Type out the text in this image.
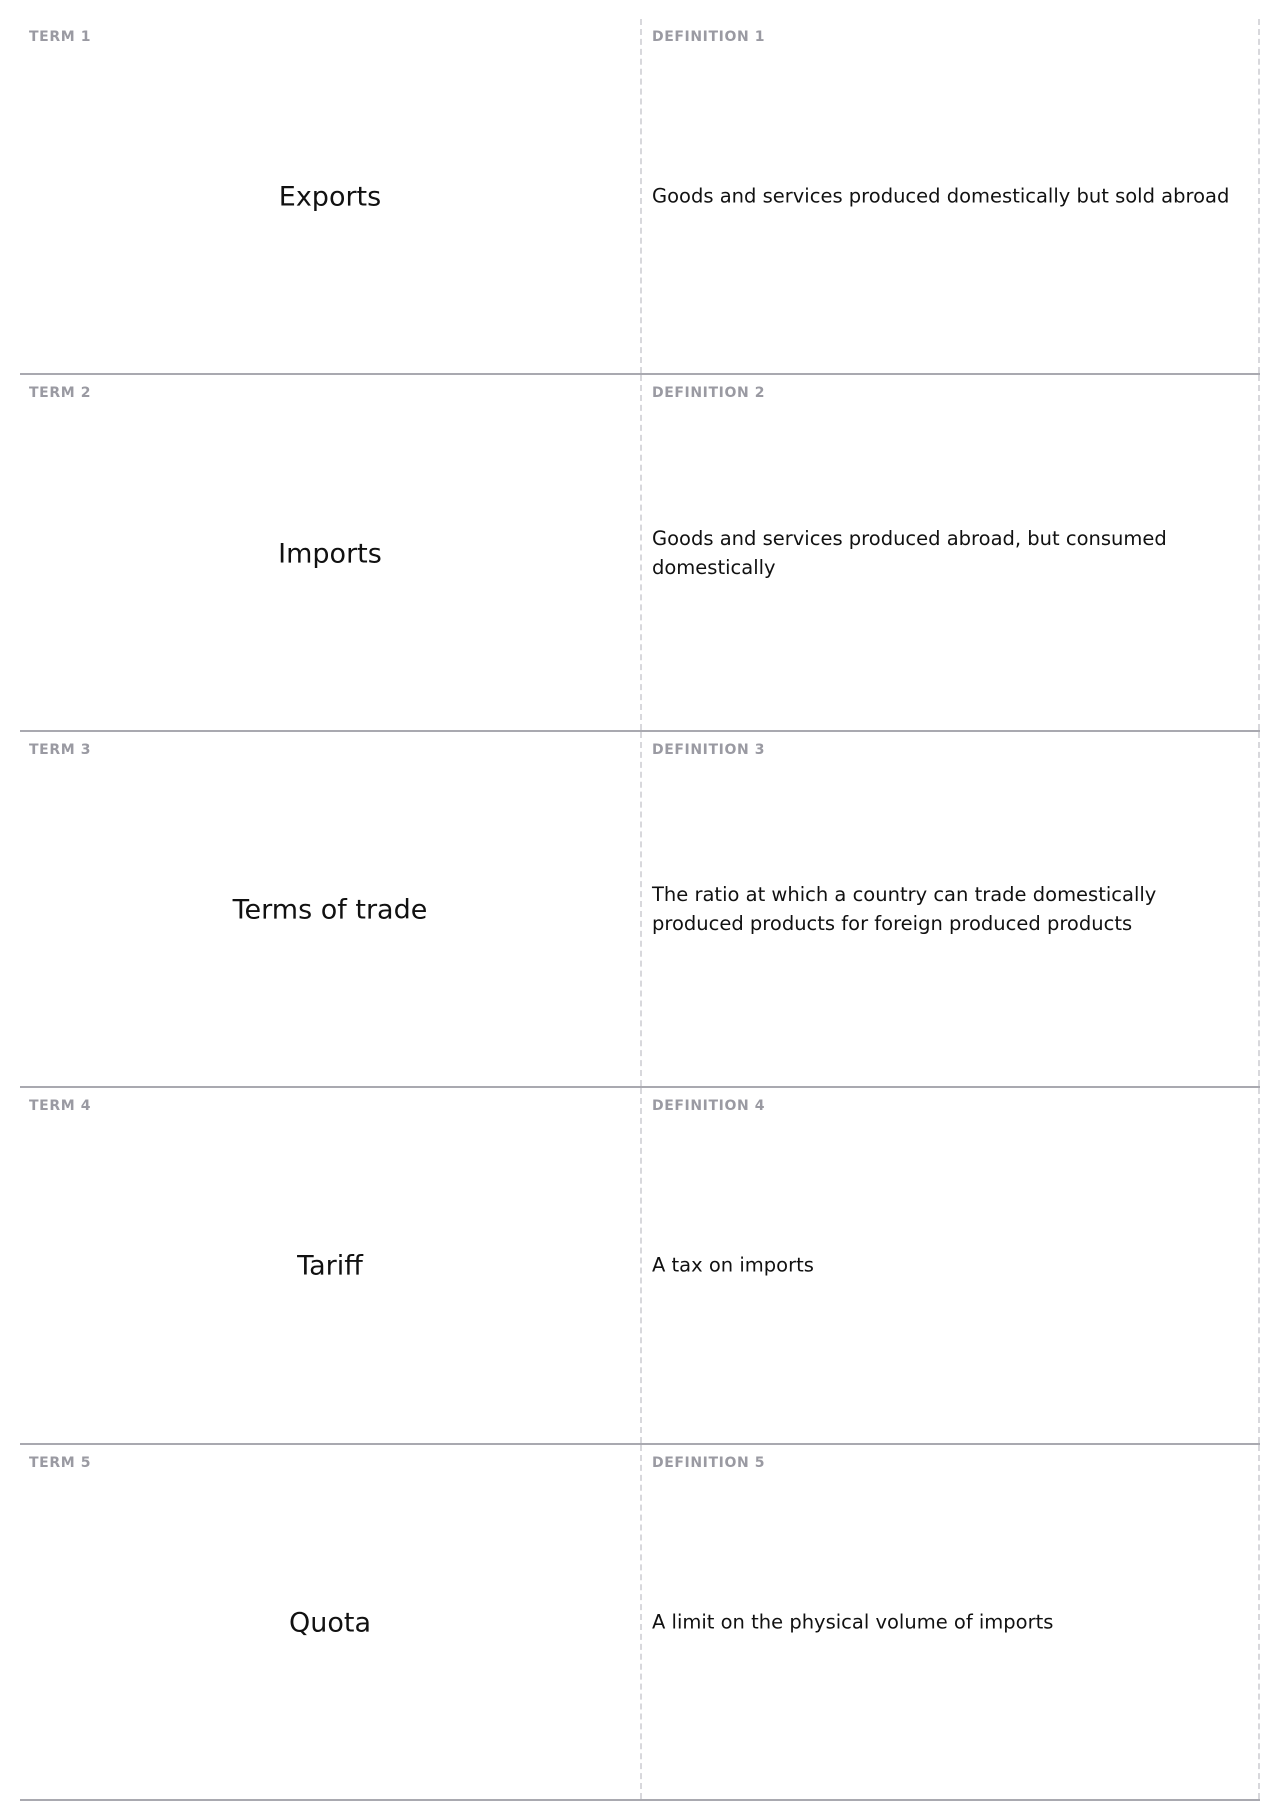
TERM 1
Exports
DEFINITION 1
Goods and services produced domestically but sold abroad
TERM 2
Imports
DEFINITION 2
Goods and services produced abroad, but consumed domestically
TERM 3
Terms of trade
DEFINITION 3
The ratio at which a country can trade domestically produced products for foreign produced products
TERM 4
Tariff
DEFINITION 4
A tax on imports
TERM 5
Quota
DEFINITION 5
A limit on the physical volume of imports
